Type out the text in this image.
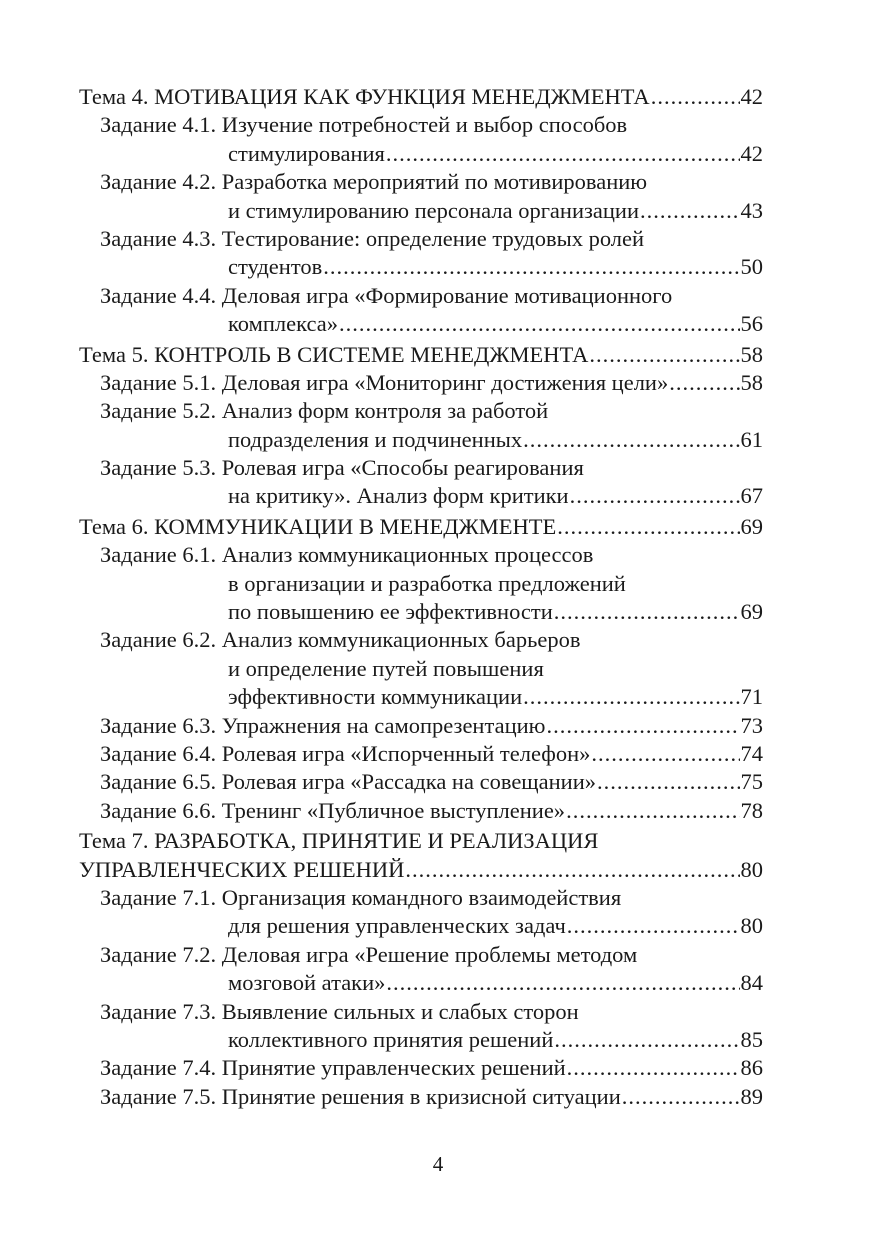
Тема 4. МОТИВАЦИЯ КАК ФУНКЦИЯ МЕНЕДЖМЕНТА .....	42
Задание 4.1. Изучение потребностей и выбор способов
стимулирования .....	42
Задание 4.2. Разработка мероприятий по мотивированию
и стимулированию персонала организации .....	43
Задание 4.3. Тестирование: определение трудовых ролей
студентов .....	50
Задание 4.4. Деловая игра «Формирование мотивационного
комплекса» .....	56
Тема 5. КОНТРОЛЬ В СИСТЕМЕ МЕНЕДЖМЕНТА .....	58
Задание 5.1. Деловая игра «Мониторинг достижения цели» .....	58
Задание 5.2. Анализ форм контроля за работой
подразделения и подчиненных .....	61
Задание 5.3. Ролевая игра «Способы реагирования
на критику». Анализ форм критики .....	67
Тема 6. КОММУНИКАЦИИ В МЕНЕДЖМЕНТЕ .....	69
Задание 6.1. Анализ коммуникационных процессов
в организации и разработка предложений
по повышению ее эффективности .....	69
Задание 6.2. Анализ коммуникационных барьеров
и определение путей повышения
эффективности коммуникации .....	71
Задание 6.3. Упражнения на самопрезентацию .....	73
Задание 6.4. Ролевая игра «Испорченный телефон» .....	74
Задание 6.5. Ролевая игра «Рассадка на совещании» .....	75
Задание 6.6. Тренинг «Публичное выступление» .....	78
Тема 7. РАЗРАБОТКА, ПРИНЯТИЕ И РЕАЛИЗАЦИЯ
УПРАВЛЕНЧЕСКИХ РЕШЕНИЙ .....	80
Задание 7.1. Организация командного взаимодействия
для решения управленческих задач .....	80
Задание 7.2. Деловая игра «Решение проблемы методом
мозговой атаки» .....	84
Задание 7.3. Выявление сильных и слабых сторон
коллективного принятия решений .....	85
Задание 7.4. Принятие управленческих решений .....	86
Задание 7.5. Принятие решения в кризисной ситуации .....	89
4
